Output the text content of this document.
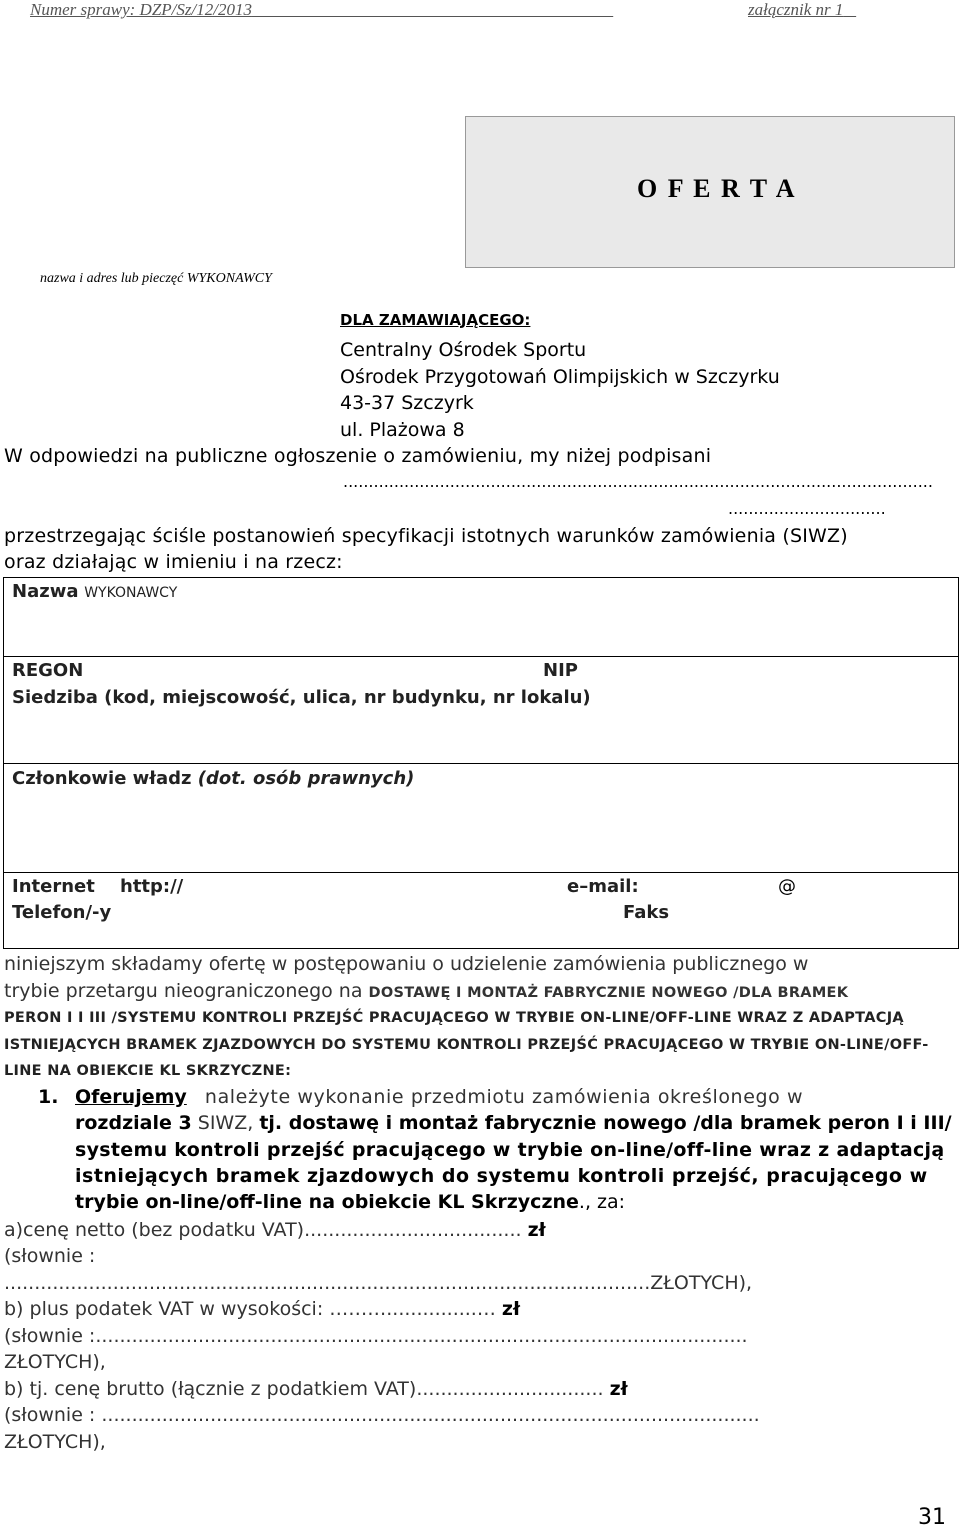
Numer sprawy: DZP/Sz/12/2013	załącznik nr 1
O F E R T A
nazwa i adres lub pieczęć WYKONAWCY
DLA ZAMAWIAJĄCEGO:
Centralny Ośrodek Sportu
Ośrodek Przygotowań Olimpijskich w Szczyrku
43-37 Szczyrk
ul. Plażowa 8
W odpowiedzi na publiczne ogłoszenie o zamówieniu, my niżej podpisani
....................................................................................................................
...............................
przestrzegając ściśle postanowień specyfikacji istotnych warunków zamówienia (SIWZ)
oraz działając w imieniu i na rzecz:
Nazwa WYKONAWCY
REGON	NIP
Siedziba (kod, miejscowość, ulica, nr budynku, nr lokalu)
Członkowie władz (dot. osób prawnych)
Internet http://	e–mail:	@
Telefon/-y	Faks
niniejszym składamy ofertę w postępowaniu o udzielenie zamówienia publicznego w
trybie przetargu nieograniczonego na DOSTAWĘ I MONTAŻ FABRYCZNIE NOWEGO /DLA BRAMEK
PERON I I III /SYSTEMU KONTROLI PRZEJŚĆ PRACUJĄCEGO W TRYBIE ON-LINE/OFF-LINE WRAZ Z ADAPTACJĄ
ISTNIEJĄCYCH BRAMEK ZJAZDOWYCH DO SYSTEMU KONTROLI PRZEJŚĆ PRACUJĄCEGO W TRYBIE ON-LINE/OFF-
LINE NA OBIEKCIE KL SKRZYCZNE:
1. Oferujemy należyte wykonanie przedmiotu zamówienia określonego w
rozdziale 3 SIWZ, tj. dostawę i montaż fabrycznie nowego /dla bramek peron I i III/
systemu kontroli przejść pracującego w trybie on-line/off-line wraz z adaptacją
istniejących bramek zjazdowych do systemu kontroli przejść, pracującego w
trybie on-line/off-line na obiekcie KL Skrzyczne., za:
a)cenę netto (bez podatku VAT).................................... zł
(słownie :
...........................................................................................................ZŁOTYCH),
b) plus podatek VAT w wysokości: ………...............… zł
(słownie :............................................................................................................
ZŁOTYCH),
b) tj. cenę brutto (łącznie z podatkiem VAT)............................... zł
(słownie : .............................................................................................................
ZŁOTYCH),
31
